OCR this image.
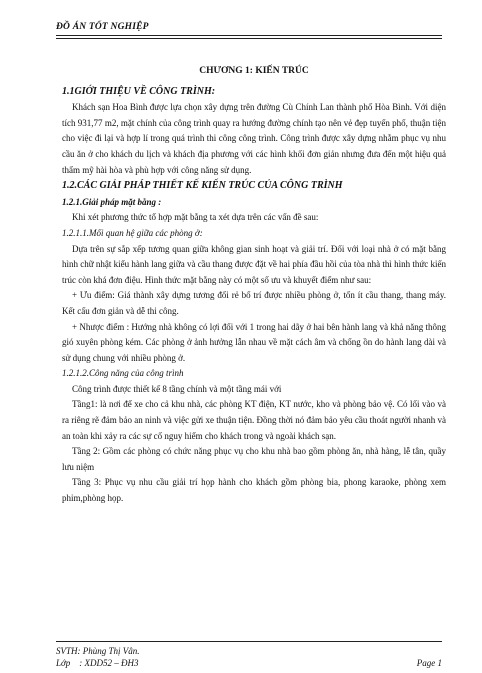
ĐỒ ÁN TỐT NGHIỆP

CHƯƠNG 1: KIẾN TRÚC

1.1GIỚI THIỆU VỀ CÔNG TRÌNH:

Khách sạn Hoa Bình được lựa chọn xây dựng trên đường Cù Chính Lan thành phố Hòa Bình. Với diện tích 931,77 m2, mặt chính của công trình quay ra hướng đường chính tạo nên vẻ đẹp tuyến phố, thuận tiện cho việc đi lại và hợp lí trong quá trình thi công công trình. Công trình được xây dựng nhằm phục vụ nhu cầu ăn ở cho khách du lịch và khách địa phương với các hình khối đơn giản nhưng đưa đến một hiệu quả thẩm mỹ hài hòa và phù hợp với công năng sử dụng.

1.2.CÁC GIẢI PHÁP THIẾT KẾ KIẾN TRÚC CỦA CÔNG TRÌNH

1.2.1.Giải pháp mặt bằng :

Khi xét phương thức tổ hợp mặt bằng ta xét dựa trên các vấn đề sau:

1.2.1.1.Mối quan hệ giữa các phòng ở:

Dựa trên sự sắp xếp tương quan giữa không gian sinh hoạt và giải trí. Đối với loại nhà ở có mặt bằng hình chữ nhật kiểu hành lang giữa và cầu thang được đặt về hai phía đầu hồi của tòa nhà thì hình thức kiến trúc còn khá đơn điệu. Hình thức mặt bằng này có một số ưu và khuyết điểm như sau:

+ Ưu điểm: Giá thành xây dựng tương đối rẻ bố trí được nhiều phòng ở, tốn ít cầu thang, thang máy. Kết cấu đơn giản và dễ thi công.

+ Nhược điểm : Hướng nhà không có lợi đối với 1 trong hai dãy ở hai bên hành lang và khả năng thông gió xuyên phòng kém. Các phòng ở ảnh hưởng lẫn nhau về mặt cách âm và chống ồn do hành lang dài và sử dụng chung với nhiều phòng ở.

1.2.1.2.Công năng của công trình

Công trình được thiết kế 8 tầng chính và một tầng mái với

Tầng1: là nơi để xe cho cả khu nhà, các phòng KT điện, KT nước, kho và phòng bảo vệ. Có lối vào và ra riêng rẽ đảm bảo an ninh và việc gửi xe thuận tiện. Đồng thời nó đảm bảo yêu cầu thoát người nhanh và an toàn khi xảy ra các sự cố nguy hiểm cho khách trong và ngoài khách sạn.

Tầng 2: Gồm các phòng có chức năng phục vụ cho khu nhà bao gồm phòng ăn, nhà hàng, lễ tân, quầy lưu niệm

Tầng 3: Phục vụ nhu cầu giải trí họp hành cho khách gồm phòng bia, phong karaoke, phòng xem phim,phòng họp.

SVTH: Phùng Thị Vân.
Lớp    : XDD52 – ĐH3	Page 1
